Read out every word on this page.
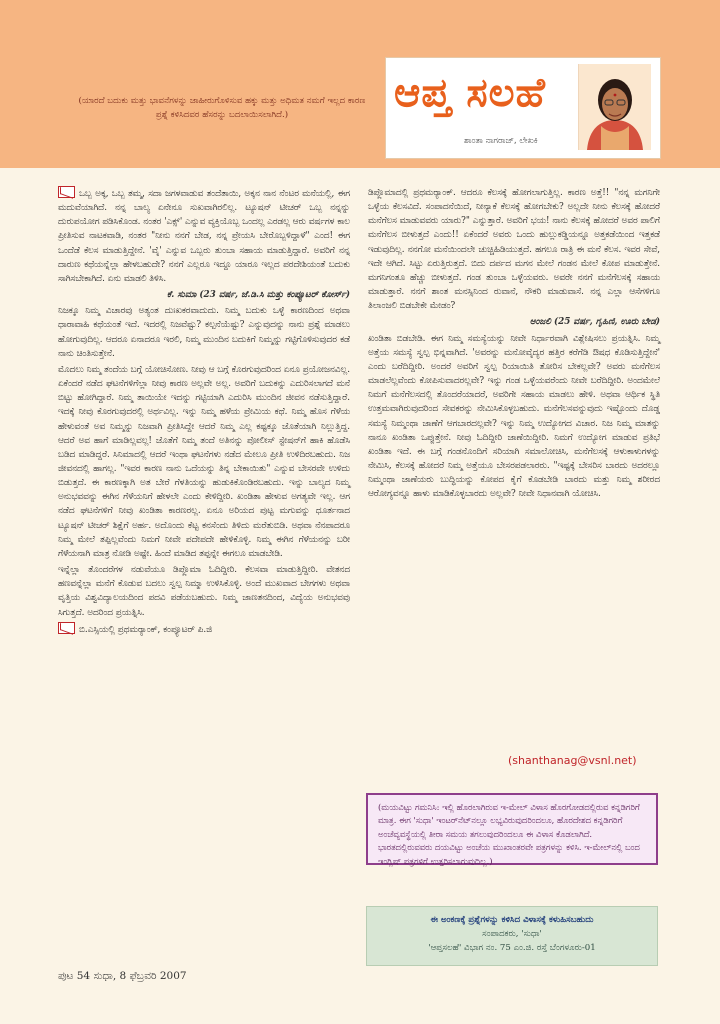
(ಯಾರದೆ ಬದುಕು ಮತ್ತು ಭಾವನೆಗಳನ್ನು ಜಾಹೀರುಗೊಳಿಸುವ ಹಕ್ಕು ಮತ್ತು ಅಧಿಮತ ನಮಗೆ ಇಲ್ಲದ ಕಾರಣ ಪ್ರಶ್ನೆ ಕಳಿಸಿದವರ ಹೆಸರನ್ನು ಬದಲಾಯಿಸಲಾಗಿದೆ.)	ಆಪ್ತ ಸಲಹೆ
ಶಾಂತಾ ನಾಗರಾಜ್, ಲೇಖಕಿ

ಒಬ್ಬ ಅಕ್ಕ, ಒಬ್ಬ ತಮ್ಮ, ಸದಾ ಜಗಳವಾಡುವ ತಂದೆತಾಯಿ, ಅಕ್ಕನ ನಾನ ನೆಂಟರ ಮನೆಯಲ್ಲಿ, ಈಗ ಮದುವೆಯಾಗಿದೆ. ನನ್ನ ಬಾಲ್ಯ ಏನೇನೂ ಸುಖವಾಗಿರಲಿಲ್ಲ. ಟ್ಯೂಷನ್ ಟೀಚರ್ ಒಬ್ಬ ನನ್ನನ್ನು ದುರುಪಯೋಗ ಪಡಿಸಿಕೊಂಡ. ನಂತರ 'ಎಕ್ಸ್' ಎನ್ನುವ ವ್ಯಕ್ತಿಯೊಬ್ಬ ಒಂದಲ್ಲ ಎರಡಲ್ಲ ಆರು ವರ್ಷಗಳ ಕಾಲ ಪ್ರೀತಿಸುವ ನಾಟಕವಾಡಿ, ನಂತರ "ನೀನು ನನಗೆ ಬೇಡ, ನನ್ನ ಪ್ರೇಯಸಿ ಬೇರೊಬ್ಬಳಿದ್ದಾಳೆ" ಎಂದ! ಈಗ ಒಂದೆಡೆ ಕೆಲಸ ಮಾಡುತ್ತಿದ್ದೇನೆ. 'ವೈ' ಎನ್ನುವ ಒಬ್ಬರು ತುಂಬಾ ಸಹಾಯ ಮಾಡುತ್ತಿದ್ದಾರೆ. ಅವರಿಗೆ ನನ್ನ ದಾರುಣ ಕಥೆಯನ್ನೆಲ್ಲಾ ಹೇಳಬಹುದೇ? ನನಗೆ ಎಲ್ಲರೂ ಇದ್ದೂ ಯಾರೂ ಇಲ್ಲದ ಪರದೇಶಿಯಂತೆ ಬದುಕು ಸಾಗಿಸಬೇಕಾಗಿದೆ. ಏನು ಮಾಡಲಿ ತಿಳಿಸಿ.

ಕೆ. ಸುಮಾ (23 ವರ್ಷ, ಜೆ.ಡಿ.ಸಿ ಮತ್ತು ಕಂಪ್ಯೂಟರ್ ಕೋರ್ಸ್)

ನಿಜಕ್ಕೂ ನಿಮ್ಮ ವಿಚಾರವು ಅತ್ಯಂತ ದುಃಖಕರವಾದುದು. ನಿಮ್ಮ ಬದುಕು ಒಳ್ಳೆ ಕಾರಣದಿಂದ ಅಥವಾ ಧಾರಾವಾಹಿ ಕಥೆಯಂತೆ ಇದೆ. ಇದರಲ್ಲಿ ನಿಜವೆಷ್ಟು? ಕಲ್ಪನೆಯೆಷ್ಟು? ಎನ್ನುವುದನ್ನು ನಾನು ಪ್ರಶ್ನೆ ಮಾಡಲು ಹೋಗುವುದಿಲ್ಲ. ಆದರೂ ಏನಾದರೂ ಇರಲಿ, ನಿಮ್ಮ ಮುಂದಿನ ಬದುಕಿಗೆ ನಿಮ್ಮನ್ನು ಗಟ್ಟಿಗೊಳಿಸುವುದರ ಕಡೆ ನಾನು ಚಿಂತಿಸುತ್ತೇನೆ.

ಮೊದಲು ನಿಮ್ಮ ತಂದೆಯ ಬಗ್ಗೆ ಯೋಚಿಸೋಣ. ನೀವು ಆ ಬಗ್ಗೆ ಕೊರಗುವುದರಿಂದ ಏನೂ ಪ್ರಯೋಜನವಿಲ್ಲ. ಏಕೆಂದರೆ ನಡೆದ ಘಟನೆಗಳಿಗೆಲ್ಲಾ ನೀವು ಕಾರಣ ಅಲ್ಲವೇ ಅಲ್ಲ. ಅವರಿಗೆ ಬದುಕನ್ನು ಎದುರಿಸಲಾಗದೆ ಮನೆ ಬಿಟ್ಟು ಹೋಗಿದ್ದಾರೆ. ನಿಮ್ಮ ತಾಯಿಯೇ ಇದನ್ನು ಗಟ್ಟಿಯಾಗಿ ಎದುರಿಸಿ ಮುಂದಿನ ಜೀವನ ನಡೆಸುತ್ತಿದ್ದಾರೆ. ಇದಕ್ಕೆ ನೀವು ಕೊರಗುವುದರಲ್ಲಿ ಅರ್ಥವಿಲ್ಲ. ಇನ್ನು ನಿಮ್ಮ ಹಳೆಯ ಪ್ರೇಮಿಯ ಕಥೆ. ನಿಮ್ಮ ಹೊಸ ಗೆಳೆಯ ಹೇಳುವಂತೆ ಅವ ನಿಮ್ಮನ್ನು ನಿಜವಾಗಿ ಪ್ರೀತಿಸಿದ್ದೇ ಆದರೆ ನಿಮ್ಮ ಎಲ್ಲ ಕಷ್ಟಕ್ಕೂ ಜೊತೆಯಾಗಿ ನಿಲ್ಲುತ್ತಿದ್ದ. ಆದರೆ ಅವ ಹಾಗೆ ಮಾಡಿಲ್ಲವಲ್ಲ! ಜೊತೆಗೆ ನಿಮ್ಮ ತಂದೆ ಅತಿನನ್ನು ಪೋಲೀಸ್ ಸ್ಟೇಷನ್‌ಗೆ ಹಾಕಿ ಹೊಡೆಸಿ ಬಡಿದ ಮಾಡಿದ್ದರೆ. ಸಿನಿಮಾದಲ್ಲಿ ಆದರೆ ಇಂಥಾ ಘಟನೆಗಳು ನಡೆದ ಮೇಲೂ ಪ್ರೀತಿ ಉಳಿದಿರಬಹುದು. ನಿಜ ಜೀವನದಲ್ಲಿ ಹಾಗಲ್ಲ. "ಇವರ ಕಾರಣ ನಾನು ಒದೆಯನ್ನು ತಿನ್ನ ಬೇಕಾಯಿತು" ಎನ್ನುವ ಬೇಸರವೇ ಉಳಿದು ಬಿಡುತ್ತದೆ. ಈ ಕಾರಣಕ್ಕಾಗಿ ಅತ ಬೇರೆ ಗೆಳತಿಯನ್ನು ಹುಡುಕಿಕೊಂಡಿರಬಹುದು. ಇನ್ನು ಬಾಲ್ಯದ ನಿಮ್ಮ ಅನುಭವವನ್ನು ಈಗಿನ ಗೆಳೆಯನಿಗೆ ಹೇಳಲೇ ಎಂದು ಕೇಳಿದ್ದೀರಿ. ಖಂಡಿತಾ ಹೇಳುವ ಅಗತ್ಯವೇ ಇಲ್ಲ. ಆಗ ನಡೆದ ಘಟನೆಗಳಿಗೆ ನೀವು ಖಂಡಿತಾ ಕಾರಣರಲ್ಲ. ಏನೂ ಅರಿಯದ ಪುಟ್ಟ ಮಗುವನ್ನು ಧೂರ್ತನಾದ ಟ್ಯೂಷನ್ ಟೀಚರ್ ಶಿಕ್ಷೆಗೆ ಅರ್ಹ. ಅದೊಂದು ಕೆಟ್ಟ ಕನಸೆಂದು ತಿಳಿದು ಮರೆತುಬಿಡಿ. ಅಥವಾ ನೆನಪಾದರೂ ನಿಮ್ಮ ಮೇಲೆ ತಪ್ಪಿಲ್ಲವೆಂದು ನಿಮಗೆ ನೀವೇ ಪದೇಪದೇ ಹೇಳಿಕೊಳ್ಳಿ. ನಿಮ್ಮ ಈಗಿನ ಗೆಳೆಯನನ್ನು ಬರೀ ಗೆಳೆಯನಾಗಿ ಮಾತ್ರ ನೋಡಿ ಅಷ್ಟೇ. ಹಿಂದೆ ಮಾಡಿದ ತಪ್ಪನ್ನೇ ಈಗಲೂ ಮಾಡಬೇಡಿ.

ಇನ್ನೆಲ್ಲಾ ತೊಂದರೆಗಳ ನಡುವೆಯೂ ಡಿಪ್ಲೊಮಾ ಓದಿದ್ದೀರಿ. ಕೆಲಸವಾ ಮಾಡುತ್ತಿದ್ದೀರಿ. ವೇತನದ ಹಣವನ್ನೆಲ್ಲಾ ಮನೆಗೆ ಕೊಡುವ ಬದಲು ಸ್ವಲ್ಪ ನಿಮ್ಮಾ ಉಳಿಸಿಕೊಳ್ಳಿ. ಅಂದೆ ಮುಖವಾದ ಬೇಗಗಳು ಅಥವಾ ವೃತ್ತಿಯ ವಿಶ್ವವಿದ್ಯಾಲಯದಿಂದ ಪದವಿ ಪಡೆಯಬಹುದು. ನಿಮ್ಮ ಜಾಣತನದಿಂದ, ವಿದ್ಯೆಯ ಅನುಭವವು ಸಿಗುತ್ತದೆ. ಅದರಿಂದ ಪ್ರಯತ್ನಿಸಿ.

ಬಿ.ಎಸ್ಸಿಯಲ್ಲಿ ಪ್ರಥಮರ್‍ಯಾಂಕ್, ಕಂಪ್ಯೂಟರ್ ಪಿ.ಜಿ

ಡಿಪ್ಲೊಮಾದಲ್ಲಿ ಪ್ರಥಮರ್‍ಯಾಂಕ್. ಆದರೂ ಕೆಲಸಕ್ಕೆ ಹೋಗಲಾಗುತ್ತಿಲ್ಲ. ಕಾರಣ ಅತ್ತೆ!! "ನನ್ನ ಮಗನಿಗೇ ಒಳ್ಳೆಯ ಕೆಲಸವಿದೆ. ಸಂಪಾದನೆಯಿದೆ, ನೀನ್ಯಾಕೆ ಕೆಲಸಕ್ಕೆ ಹೋಗಬೇಕು? ಅಲ್ಲದೇ ನೀನು ಕೆಲಸಕ್ಕೆ ಹೋದರೆ ಮನೆಗೆಲಸ ಮಾಡುವವರು ಯಾರು?" ಎನ್ನುತ್ತಾರೆ. ಅವರಿಗೆ ಭಯ! ನಾನು ಕೆಲಸಕ್ಕೆ ಹೋದರೆ ಅವರ ಪಾಲಿಗೆ ಮನೆಗೆಲಸ ಬೀಳುತ್ತದೆ ಎಂದು!! ಏಕೆಂದರೆ ಅವರು ಒಂದು ಹುಲ್ಲುಕಡ್ಡಿಯನ್ನೂ ಅತ್ತಕಡೆಯಿಂದ ಇತ್ತಕಡೆ ಇಡುವುದಿಲ್ಲ. ನನಗೋ ಮನೆಯಿಂದಲೇ ಚುಚ್ಚಿಹಿಡಿಯುತ್ತದೆ. ಹಗಲೂ ರಾತ್ರಿ ಈ ಮನೆ ಕೆಲಸ. ಇವರ ಸೇವೆ, ಇದೇ ಆಗಿದೆ. ಸಿಟ್ಟು ಏರುತ್ತಿರುತ್ತದೆ. ಬಿದು ದರ್ಪದ ಮಗನ ಮೇಲೆ ಗಂಡನ ಮೇಲೆ ಕೋಪ ಮಾಡುತ್ತೇನೆ. ಮಗನಿಗಂತೂ ಹೆಚ್ಚು ಬೀಳುತ್ತದೆ. ಗಂಡ ತುಂಬಾ ಒಳ್ಳೆಯವರು. ಅವರೇ ನನಗೆ ಮನೆಗೆಲಸಕ್ಕೆ ಸಹಾಯ ಮಾಡುತ್ತಾರೆ. ನನಗೆ ಶಾಂತ ಮನಸ್ಸಿನಿಂದ ರುವಾನೆ, ನೌಕರಿ ಮಾಡುವಾಸೆ. ನನ್ನ ಎಲ್ಲಾ ಆಸೆಗಳಿಗೂ ತಿಲಾಂಜಲಿ ಬಿಡಬೇಕೇ ಮೇಡಂ?

ಅಂಜಲಿ (25 ವರ್ಷ, ಗೃಹಿಣಿ, ಊರು ಬೇಡ)

ಖಂಡಿತಾ ಬಿಡಬೇಡಿ. ಈಗ ನಿಮ್ಮ ಸಮಸ್ಯೆಯನ್ನು ನೀವೇ ನಿರ್ಧಾರವಾಗಿ ವಿಶ್ಲೇಷಿಸಲು ಪ್ರಯತ್ನಿಸಿ. ನಿಮ್ಮ ಅತ್ತೆಯ ಸಮಸ್ಯೆ ಸ್ವಲ್ಪ ಭಿನ್ನವಾಗಿದೆ. 'ಅವರನ್ನು ಮನೋವೈದ್ಯರ ಹತ್ತಿರ ಕರೆಗೆಡಿ ಔಷಧ ಕೊಡಿಸುತ್ತಿದ್ದೇನೆ' ಎಂದು ಬರೆದಿದ್ದೀರಿ. ಅಂದರೆ ಅವರಿಗೆ ಸ್ವಲ್ಪ ರಿಯಾಯಿತಿ ತೋರಿಸ ಬೇಕಲ್ಲವೇ? ಅವರು ಮನೆಗೆಲಸ ಮಾಡಲೆಲ್ಲವೆಂದು ಕೋಪಿಸುವಾದರಲ್ಲವೇ? ಇನ್ನು ಗಂಡ ಒಳ್ಳೆಯವರೆಂದು ನೀವೇ ಬರೆದಿದ್ದೀರಿ. ಅಂದಮೇಲೆ ನಿಮಗೆ ಮನೆಗೆಲಸದಲ್ಲಿ ತೊಂದರೆಯಾದರೆ, ಅವರಿಗೇ ಸಹಾಯ ಮಾಡಲು ಹೇಳಿ. ಅಥವಾ ಆರ್ಥಿಕ ಸ್ಥಿತಿ ಉತ್ತಮವಾಗಿರುವುದರಿಂದ ಸೇವಕರನ್ನು ನೇಮಿಸಿಕೊಳ್ಳಬಹುದು. ಮನೆಗೆಲಸವನ್ನುವುದು ಇಷ್ಟೊಂದು ದೊಡ್ಡ ಸಮಸ್ಯೆ ನಿಮ್ಮಂಥಾ ಜಾಣೆಗೆ ಆಗಬಾರದಲ್ಲವೇ? ಇನ್ನು ನಿಮ್ಮ ಉದ್ಯೋಗದ ವಿಚಾರ. ನಿಜ ನಿಮ್ಮ ಮಾತನ್ನು ನಾನೂ ಖಂಡಿತಾ ಒಪ್ಪುತ್ತೇನೆ. ನೀವು ಓದಿದ್ದೀರಿ ಜಾಣೆಯಿದ್ದೀರಿ. ನಿಮಗೆ ಉದ್ಯೋಗ ಮಾಡುವ ಪ್ರತಿಭೆ ಖಂಡಿತಾ ಇದೆ. ಈ ಬಗ್ಗೆ ಗಂಡನೊಂದಿಗೆ ಸರಿಯಾಗಿ ಸಮಾಲೋಚಿಸಿ, ಮನೆಗೆಲಸಕ್ಕೆ ಆಳುಕಾಳುಗಳನ್ನು ನೇಮಿಸಿ, ಕೆಲಸಕ್ಕೆ ಹೋದರೆ ನಿಮ್ಮ ಅತ್ತೆಯೂ ಬೇಸರಪಡಲಾರರು. "ಇಷ್ಟಕ್ಕೆ ಬೇಸರಿಸ ಬಾರದು ಅದರಲ್ಲೂ ನಿಮ್ಮಂಥಾ ಜಾಣೆಯರು ಬುದ್ಧಿಯನ್ನು ಕೋಪದ ಕೈಗೆ ಕೊಡಬೇಡಿ ಬಾರದು ಮತ್ತು ನಿಮ್ಮ ಶರೀರದ ಆರೋಗ್ಯವನ್ನೂ ಹಾಳು ಮಾಡಿಕೊಳ್ಳಬಾರದು ಅಲ್ಲವೇ? ನೀವೇ ನಿಧಾನವಾಗಿ ಯೋಚಿಸಿ.

(shanthanag@vsnl.net)

(ಮಯವಿಟ್ಟು ಗಮನಿಸಿ: ಇಲ್ಲಿ ಹೊರಲಾಗಿರುವ ಇ-ಮೇಲ್ ವಿಳಾಸ ಹೊರಗೋಡದಲ್ಲಿರುವ ಕನ್ನಡಿಗರಿಗೆ ಮಾತ್ರ. ಈಗ 'ಸುಧಾ' ಇಂಟರ್‌ನೆಟ್‌ನಲ್ಲೂ ಲಭ್ಯವಿರುವುದರಿಂದಲೂ, ಹೊರದೇಶದ ಕನ್ನಡಿಗರಿಗೆ ಅಂಚೆವ್ಯವಸ್ಥೆಯಲ್ಲಿ ತೀರಾ ಸಮಯ ತಗಲುವುದರಿಂದಲೂ ಈ ವಿಳಾಸ ಕೊಡಲಾಗಿದೆ. ಭಾರತದಲ್ಲಿರುವವರು ದಯವಿಟ್ಟು ಅಂಚೆಯ ಮುಖಾಂತರವೇ ಪತ್ರಗಳನ್ನು ಕಳಿಸಿ. ಇ-ಮೇಲ್‌ನಲ್ಲಿ ಬಂದ ಇಂಗ್ಲಿಷ್ ಪತ್ರಗಳಿಗೆ ಉತ್ತರಿಸಲಾಗುವುದಿಲ್ಲ.)

ಈ ಅಂಕಣಕ್ಕೆ ಪ್ರಶ್ನೆಗಳನ್ನು ಕಳಿಸಿದ ವಿಳಾಸಕ್ಕೆ ಕಳುಹಿಸಬಹುದು
ಸಂಪಾದಕರು, 'ಸುಧಾ'
'ಆಪ್ತಸಲಹೆ' ವಿಭಾಗ ನಂ. 75 ಎಂ.ಜಿ. ರಸ್ತೆ ಬೆಂಗಳೂರು-01
ಪುಟ 54 ಸುಧಾ, 8 ಫೆಬ್ರವರಿ 2007
